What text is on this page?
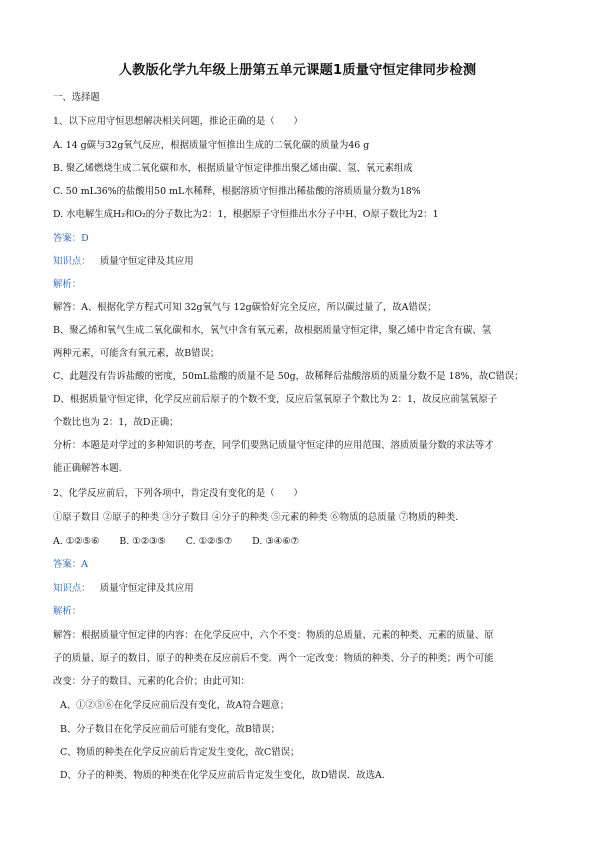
人教版化学九年级上册第五单元课题1质量守恒定律同步检测
一、选择题
1、以下应用守恒思想解决相关问题，推论正确的是（　　）
A. 14 g碳与32g氧气反应，根据质量守恒推出生成的二氧化碳的质量为46 g
B. 聚乙烯燃烧生成二氧化碳和水，根据质量守恒定律推出聚乙烯由碳、氢、氧元素组成
C. 50 mL36%的盐酸用50 mL水稀释，根据溶质守恒推出稀盐酸的溶质质量分数为18%
D. 水电解生成H₂和O₂的分子数比为2：1，根据原子守恒推出水分子中H、O原子数比为2：1
答案：D
知识点：  质量守恒定律及其应用
解析：
解答：A、根据化学方程式可知 32g氧气与 12g碳恰好完全反应，所以碳过量了，故A错误；
B、聚乙烯和氧气生成二氧化碳和水，氧气中含有氧元素，故根据质量守恒定律，聚乙烯中肯定含有碳、氢
两种元素，可能含有氧元素，故B错误；
C、此题没有告诉盐酸的密度，50mL盐酸的质量不是 50g，故稀释后盐酸溶质的质量分数不是 18%，故C错误；
D、根据质量守恒定律，化学反应前后原子的个数不变，反应后氢氧原子个数比为 2：1，故反应前氢氧原子
个数比也为 2：1，故D正确；
分析：本题是对学过的多种知识的考查，同学们要熟记质量守恒定律的应用范围、溶质质量分数的求法等才
能正确解答本题.
2、化学反应前后，下列各项中，肯定没有变化的是（　　）
①原子数目 ②原子的种类 ③分子数目 ④分子的种类 ⑤元素的种类 ⑥物质的总质量 ⑦物质的种类.
A. ①②⑤⑥ B. ①②③⑤ C. ①②⑤⑦ D. ③④⑥⑦
答案：A
知识点：  质量守恒定律及其应用
解析：
解答：根据质量守恒定律的内容：在化学反应中，六个不变：物质的总质量、元素的种类、元素的质量、原
子的质量、原子的数目、原子的种类在反应前后不变．两个一定改变：物质的种类、分子的种类；两个可能
改变：分子的数目、元素的化合价；由此可知：
A、①②⑤⑥在化学反应前后没有变化，故A符合题意；
B、分子数目在化学反应前后可能有变化，故B错误；
C、物质的种类在化学反应前后肯定发生变化，故C错误；
D、分子的种类、物质的种类在化学反应前后肯定发生变化，故D错误．故选A．
